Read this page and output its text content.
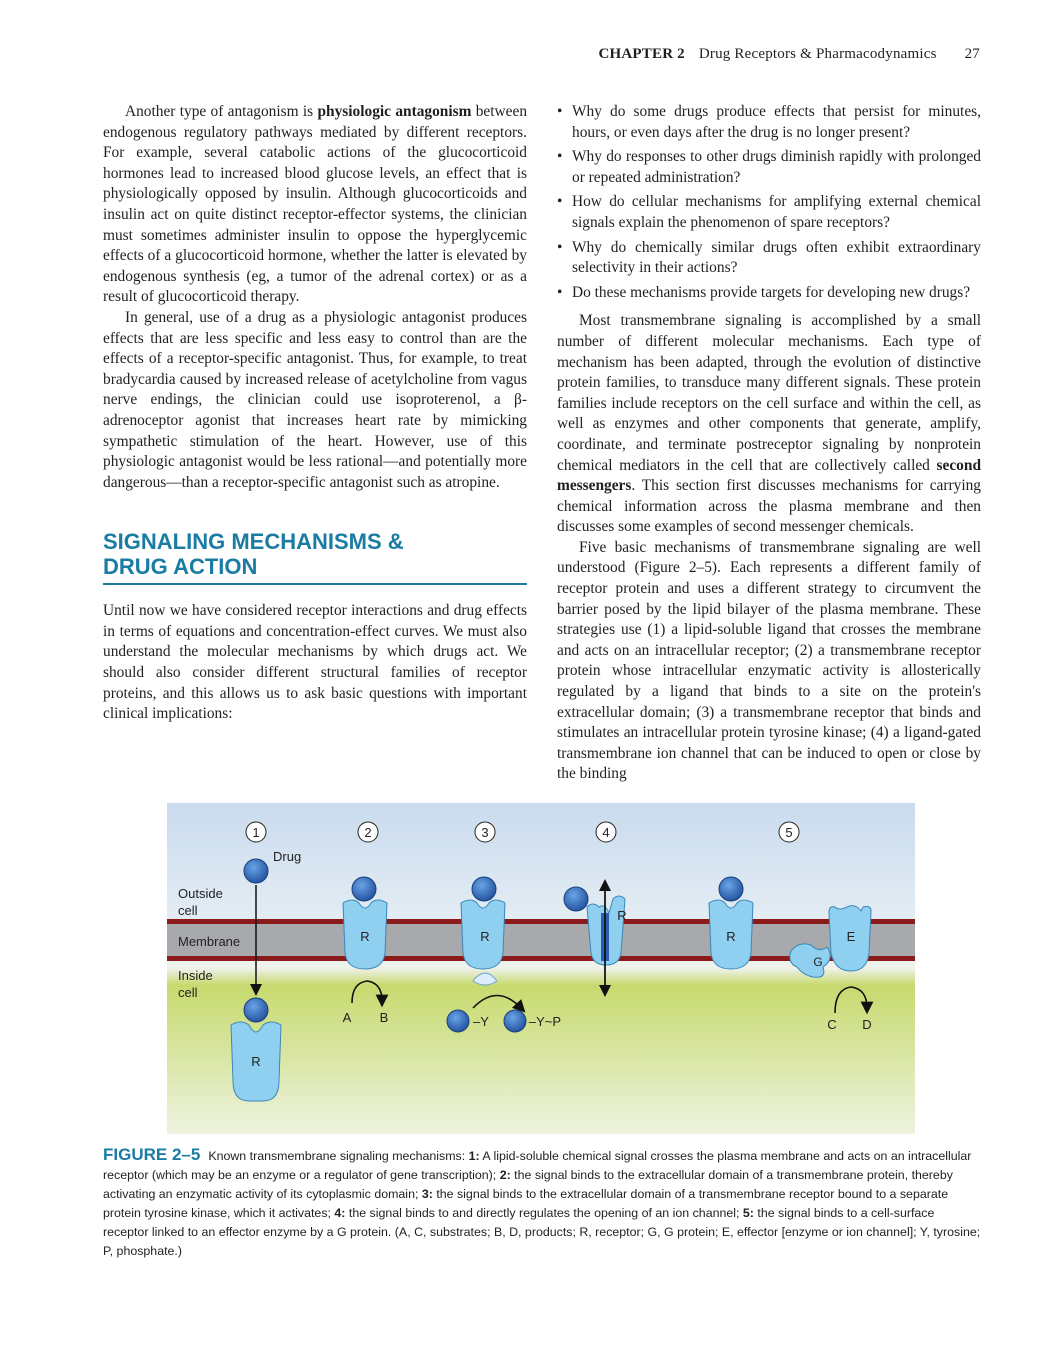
CHAPTER 2 Drug Receptors & Pharmacodynamics 27

Another type of antagonism is physiologic antagonism between endogenous regulatory pathways mediated by different receptors. For example, several catabolic actions of the glucocorticoid hormones lead to increased blood glucose levels, an effect that is physiologically opposed by insulin. Although glucocorticoids and insulin act on quite distinct receptor-effector systems, the clinician must sometimes administer insulin to oppose the hyperglycemic effects of a glucocorticoid hormone, whether the latter is elevated by endogenous synthesis (eg, a tumor of the adrenal cortex) or as a result of glucocorticoid therapy.

In general, use of a drug as a physiologic antagonist produces effects that are less specific and less easy to control than are the effects of a receptor-specific antagonist. Thus, for example, to treat bradycardia caused by increased release of acetylcholine from vagus nerve endings, the clinician could use isoproterenol, a β-adrenoceptor agonist that increases heart rate by mimicking sympathetic stimulation of the heart. However, use of this physiologic antagonist would be less rational—and potentially more dangerous—than a receptor-specific antagonist such as atropine.

SIGNALING MECHANISMS &
DRUG ACTION

Until now we have considered receptor interactions and drug effects in terms of equations and concentration-effect curves. We must also understand the molecular mechanisms by which drugs act. We should also consider different structural families of receptor proteins, and this allows us to ask basic questions with important clinical implications:

• Why do some drugs produce effects that persist for minutes, hours, or even days after the drug is no longer present?
• Why do responses to other drugs diminish rapidly with prolonged or repeated administration?
• How do cellular mechanisms for amplifying external chemical signals explain the phenomenon of spare receptors?
• Why do chemically similar drugs often exhibit extraordinary selectivity in their actions?
• Do these mechanisms provide targets for developing new drugs?

Most transmembrane signaling is accomplished by a small number of different molecular mechanisms. Each type of mechanism has been adapted, through the evolution of distinctive protein families, to transduce many different signals. These protein families include receptors on the cell surface and within the cell, as well as enzymes and other components that generate, amplify, coordinate, and terminate postreceptor signaling by nonprotein chemical mediators in the cell that are collectively called second messengers. This section first discusses mechanisms for carrying chemical information across the plasma membrane and then discusses some examples of second messenger chemicals.

Five basic mechanisms of transmembrane signaling are well understood (Figure 2–5). Each represents a different family of receptor protein and uses a different strategy to circumvent the barrier posed by the lipid bilayer of the plasma membrane. These strategies use (1) a lipid-soluble ligand that crosses the membrane and acts on an intracellular receptor; (2) a transmembrane receptor protein whose intracellular enzymatic activity is allosterically regulated by a ligand that binds to a site on the protein's extracellular domain; (3) a transmembrane receptor that binds and stimulates an intracellular protein tyrosine kinase; (4) a ligand-gated transmembrane ion channel that can be induced to open or close by the binding

1	2	3	4	5
Outside
cell
Membrane
Inside
cell
Drug
R
R
A B
R
–Y	–Y~P
R
R
G
E
C D
FIGURE 2–5 Known transmembrane signaling mechanisms: 1: A lipid-soluble chemical signal crosses the plasma membrane and acts on an intracellular receptor (which may be an enzyme or a regulator of gene transcription); 2: the signal binds to the extracellular domain of a transmembrane protein, thereby activating an enzymatic activity of its cytoplasmic domain; 3: the signal binds to the extracellular domain of a transmembrane receptor bound to a separate protein tyrosine kinase, which it activates; 4: the signal binds to and directly regulates the opening of an ion channel; 5: the signal binds to a cell-surface receptor linked to an effector enzyme by a G protein. (A, C, substrates; B, D, products; R, receptor; G, G protein; E, effector [enzyme or ion channel]; Y, tyrosine; P, phosphate.)
